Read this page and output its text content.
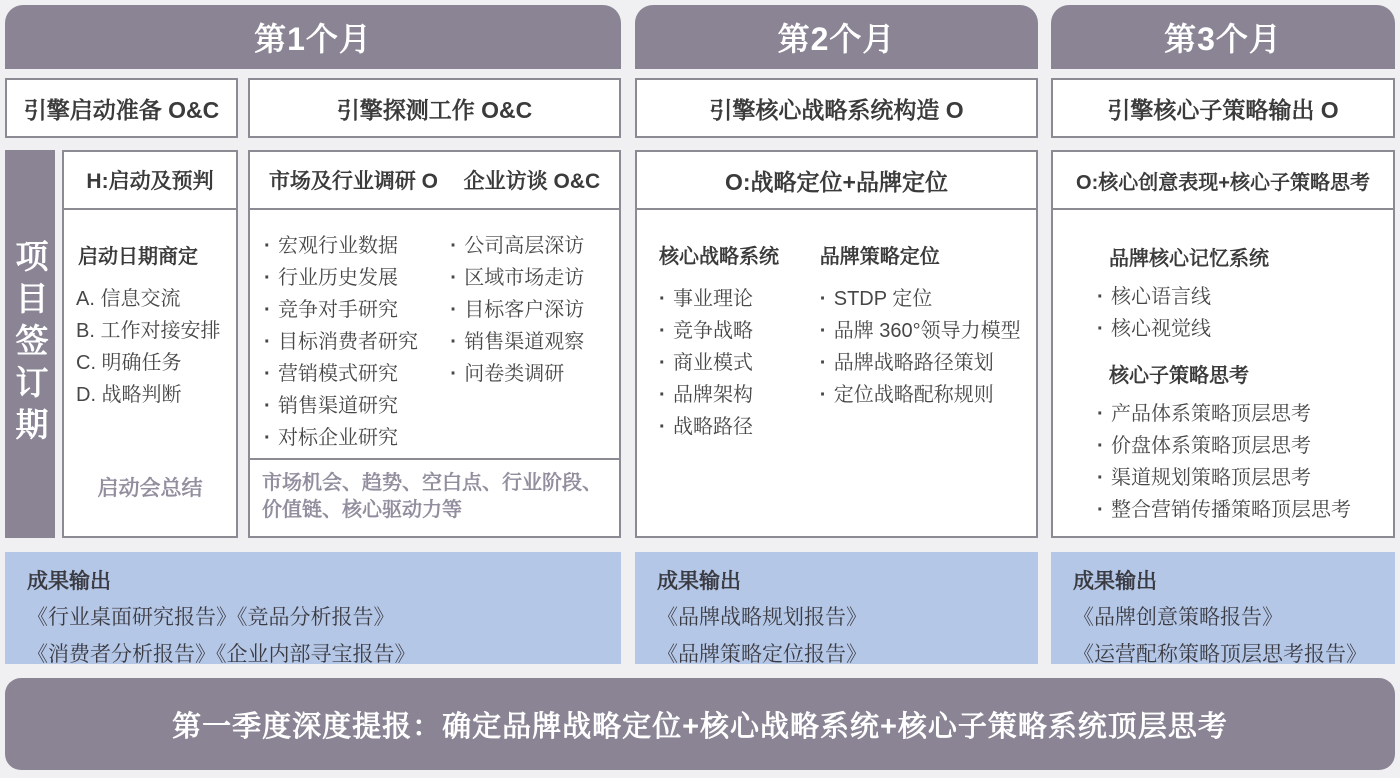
第1个月	第2个月	第3个月
引擎启动准备 O&C	引擎探测工作 O&C	引擎核心战略系统构造 O	引擎核心子策略输出 O
项目签订期
H:启动及预判
启动日期商定
A. 信息交流
B. 工作对接安排
C. 明确任务
D. 战略判断
启动会总结
市场及行业调研 O 企业访谈 O&C
· 宏观行业数据
· 行业历史发展
· 竞争对手研究
· 目标消费者研究
· 营销模式研究
· 销售渠道研究
· 对标企业研究
· 公司高层深访
· 区域市场走访
· 目标客户深访
· 销售渠道观察
· 问卷类调研
市场机会、趋势、空白点、行业阶段、价值链、核心驱动力等
O:战略定位+品牌定位
核心战略系统
· 事业理论
· 竞争战略
· 商业模式
· 品牌架构
· 战略路径
品牌策略定位
· STDP 定位
· 品牌 360°领导力模型
· 品牌战略路径策划
· 定位战略配称规则
O:核心创意表现+核心子策略思考
品牌核心记忆系统
· 核心语言线
· 核心视觉线
核心子策略思考
· 产品体系策略顶层思考
· 价盘体系策略顶层思考
· 渠道规划策略顶层思考
· 整合营销传播策略顶层思考
成果输出
《行业桌面研究报告》《竞品分析报告》
《消费者分析报告》《企业内部寻宝报告》
成果输出
《品牌战略规划报告》
《品牌策略定位报告》
成果输出
《品牌创意策略报告》
《运营配称策略顶层思考报告》
第一季度深度提报：确定品牌战略定位+核心战略系统+核心子策略系统顶层思考
